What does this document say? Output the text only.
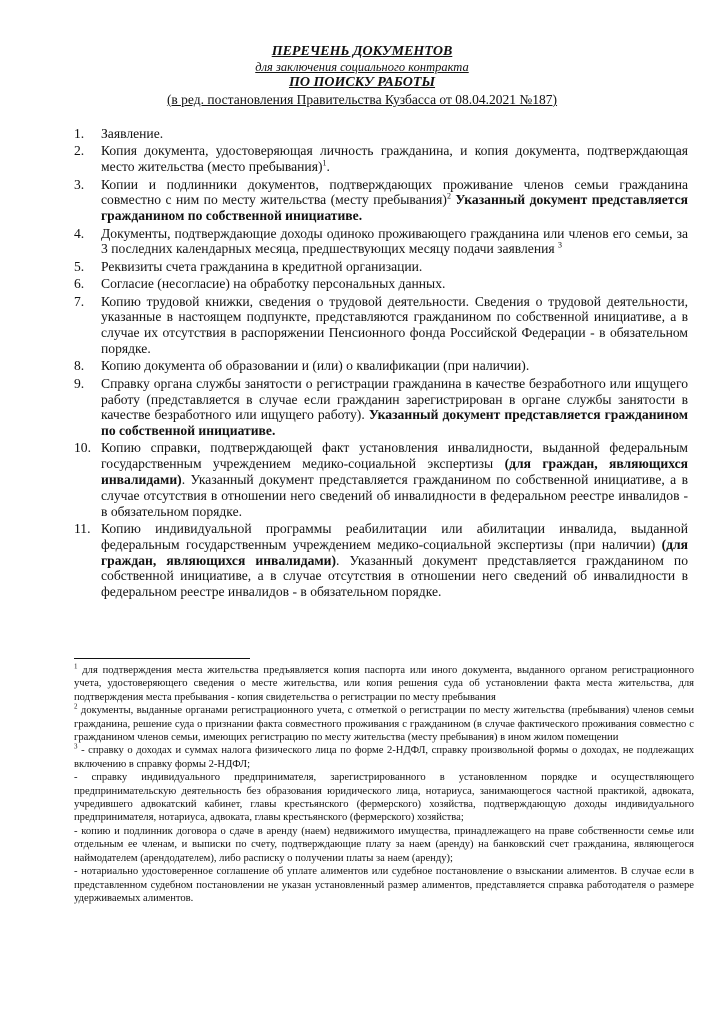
ПЕРЕЧЕНЬ ДОКУМЕНТОВ
для заключения социального контракта
ПО ПОИСКУ РАБОТЫ
(в ред. постановления Правительства Кузбасса от 08.04.2021 №187)
1. Заявление.
2. Копия документа, удостоверяющая личность гражданина, и копия документа, подтверждающая место жительства (место пребывания)$^1$.
3. Копии и подлинники документов, подтверждающих проживание членов семьи гражданина совместно с ним по месту жительства (месту пребывания)$^2$ Указанный документ представляется гражданином по собственной инициативе.
4. Документы, подтверждающие доходы одиноко проживающего гражданина или членов его семьи, за 3 последних календарных месяца, предшествующих месяцу подачи заявления $^3$
5. Реквизиты счета гражданина в кредитной организации.
6. Согласие (несогласие) на обработку персональных данных.
7. Копию трудовой книжки, сведения о трудовой деятельности. Сведения о трудовой деятельности, указанные в настоящем подпункте, представляются гражданином по собственной инициативе, а в случае их отсутствия в распоряжении Пенсионного фонда Российской Федерации - в обязательном порядке.
8. Копию документа об образовании и (или) о квалификации (при наличии).
9. Справку органа службы занятости о регистрации гражданина в качестве безработного или ищущего работу (представляется в случае если гражданин зарегистрирован в органе службы занятости в качестве безработного или ищущего работу). Указанный документ представляется гражданином по собственной инициативе.
10. Копию справки, подтверждающей факт установления инвалидности, выданной федеральным государственным учреждением медико-социальной экспертизы (для граждан, являющихся инвалидами). Указанный документ представляется гражданином по собственной инициативе, а в случае отсутствия в отношении него сведений об инвалидности в федеральном реестре инвалидов - в обязательном порядке.
11. Копию индивидуальной программы реабилитации или абилитации инвалида, выданной федеральным государственным учреждением медико-социальной экспертизы (при наличии) (для граждан, являющихся инвалидами). Указанный документ представляется гражданином по собственной инициативе, а в случае отсутствия в отношении него сведений об инвалидности в федеральном реестре инвалидов - в обязательном порядке.

$^1$ для подтверждения места жительства предъявляется копия паспорта или иного документа, выданного органом регистрационного учета, удостоверяющего сведения о месте жительства, или копия решения суда об установлении факта места жительства, для подтверждения места пребывания - копия свидетельства о регистрации по месту пребывания

$^2$ документы, выданные органами регистрационного учета, с отметкой о регистрации по месту жительства (пребывания) членов семьи гражданина, решение суда о признании факта совместного проживания с гражданином (в случае фактического проживания совместно с гражданином членов семьи, имеющих регистрацию по месту жительства (месту пребывания) в ином жилом помещении

$^3$ - справку о доходах и суммах налога физического лица по форме 2-НДФЛ, справку произвольной формы о доходах, не подлежащих включению в справку формы 2-НДФЛ;

- справку индивидуального предпринимателя, зарегистрированного в установленном порядке и осуществляющего предпринимательскую деятельность без образования юридического лица, нотариуса, занимающегося частной практикой, адвоката, учредившего адвокатский кабинет, главы крестьянского (фермерского) хозяйства, подтверждающую доходы индивидуального предпринимателя, нотариуса, адвоката, главы крестьянского (фермерского) хозяйства;

- копию и подлинник договора о сдаче в аренду (наем) недвижимого имущества, принадлежащего на праве собственности семье или отдельным ее членам, и выписки по счету, подтверждающие плату за наем (аренду) на банковский счет гражданина, являющегося наймодателем (арендодателем), либо расписку о получении платы за наем (аренду);

- нотариально удостоверенное соглашение об уплате алиментов или судебное постановление о взыскании алиментов. В случае если в представленном судебном постановлении не указан установленный размер алиментов, представляется справка работодателя о размере удерживаемых алиментов.
